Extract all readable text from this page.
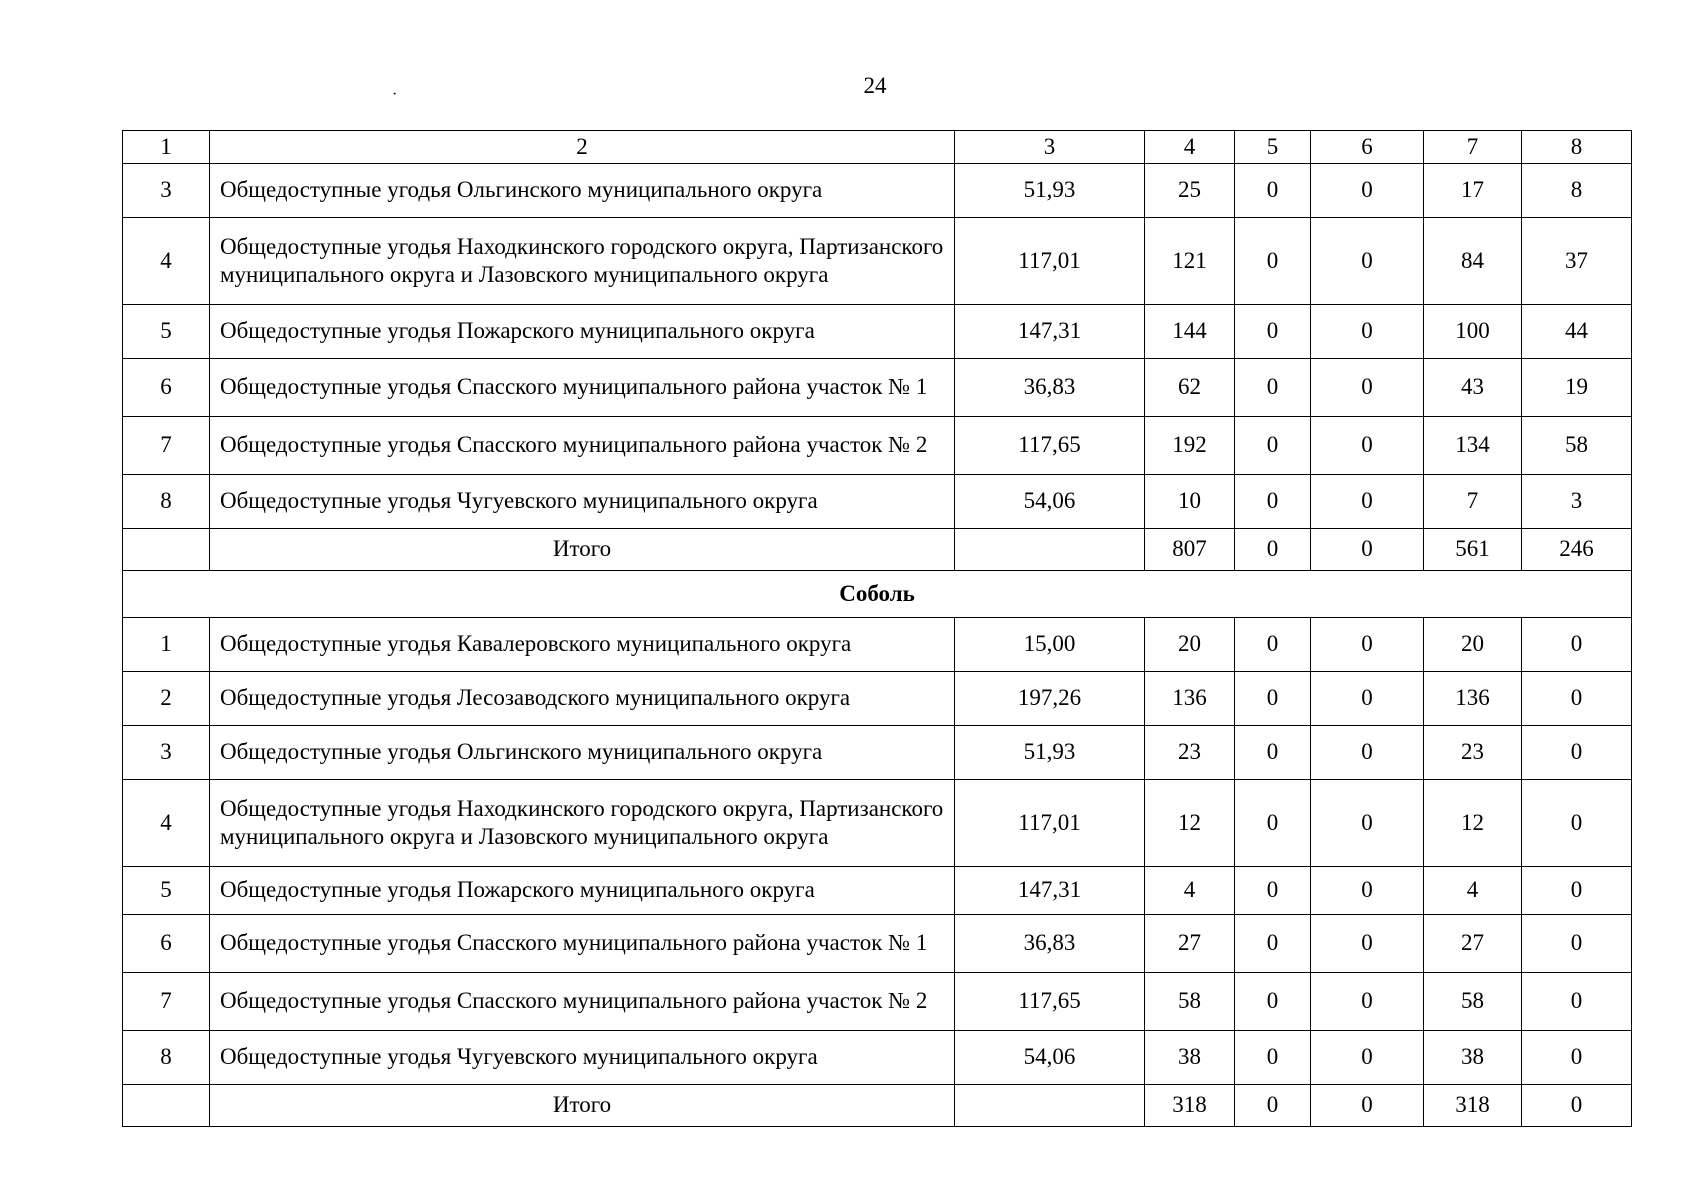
24
·
1	2	3	4	5	6	7	8
3	Общедоступные угодья Ольгинского муниципального округа	51,93	25	0	0	17	8
4	Общедоступные угодья Находкинского городского округа, Партизанского муниципального округа и Лазовского муниципального округа	117,01	121	0	0	84	37
5	Общедоступные угодья Пожарского муниципального округа	147,31	144	0	0	100	44
6	Общедоступные угодья Спасского муниципального района участок № 1	36,83	62	0	0	43	19
7	Общедоступные угодья Спасского муниципального района участок № 2	117,65	192	0	0	134	58
8	Общедоступные угодья Чугуевского муниципального округа	54,06	10	0	0	7	3
	Итого		807	0	0	561	246
Соболь							
1	Общедоступные угодья Кавалеровского муниципального округа	15,00	20	0	0	20	0
2	Общедоступные угодья Лесозаводского муниципального округа	197,26	136	0	0	136	0
3	Общедоступные угодья Ольгинского муниципального округа	51,93	23	0	0	23	0
4	Общедоступные угодья Находкинского городского округа, Партизанского муниципального округа и Лазовского муниципального округа	117,01	12	0	0	12	0
5	Общедоступные угодья Пожарского муниципального округа	147,31	4	0	0	4	0
6	Общедоступные угодья Спасского муниципального района участок № 1	36,83	27	0	0	27	0
7	Общедоступные угодья Спасского муниципального района участок № 2	117,65	58	0	0	58	0
8	Общедоступные угодья Чугуевского муниципального округа	54,06	38	0	0	38	0
	Итого		318	0	0	318	0
